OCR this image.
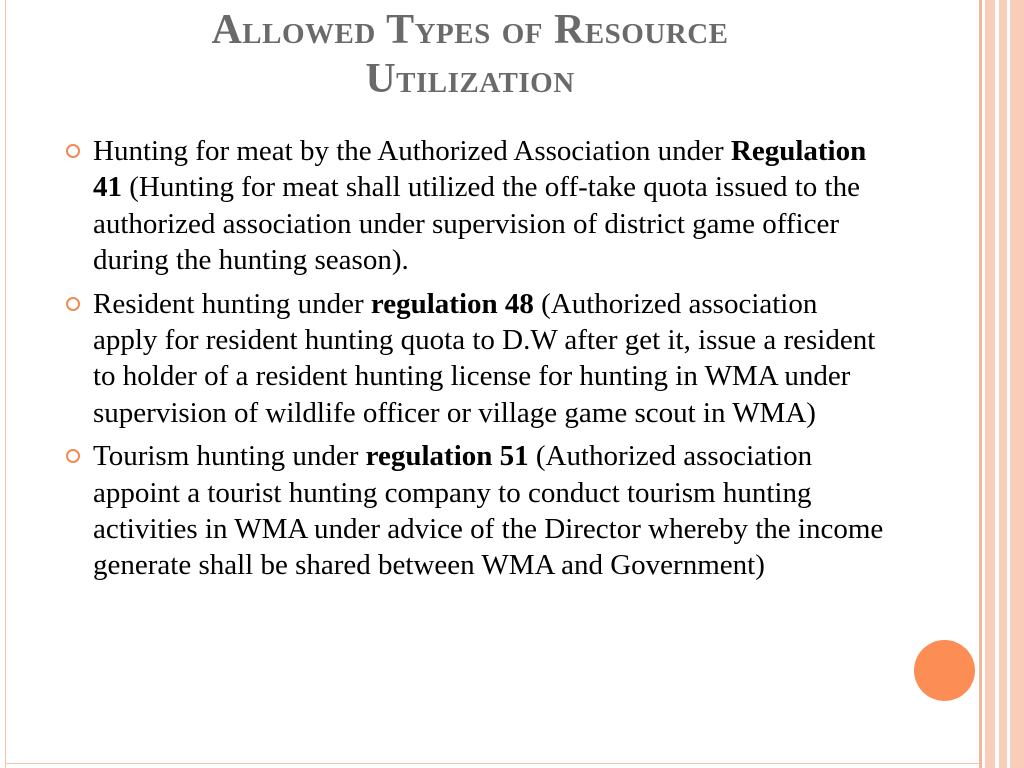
Allowed Types of Resource
Utilization
Hunting for meat by the Authorized Association under Regulation 41 (Hunting for meat shall utilized the off-take quota issued to the authorized association under supervision of district game officer during the hunting season).
Resident hunting under regulation 48 (Authorized association apply for resident hunting quota to D.W after get it, issue a resident to holder of a resident hunting license for hunting in WMA under supervision of wildlife officer or village game scout in WMA)
Tourism hunting under regulation 51 (Authorized association appoint a tourist hunting company to conduct tourism hunting activities in WMA under advice of the Director whereby the income generate shall be shared between WMA and Government)
